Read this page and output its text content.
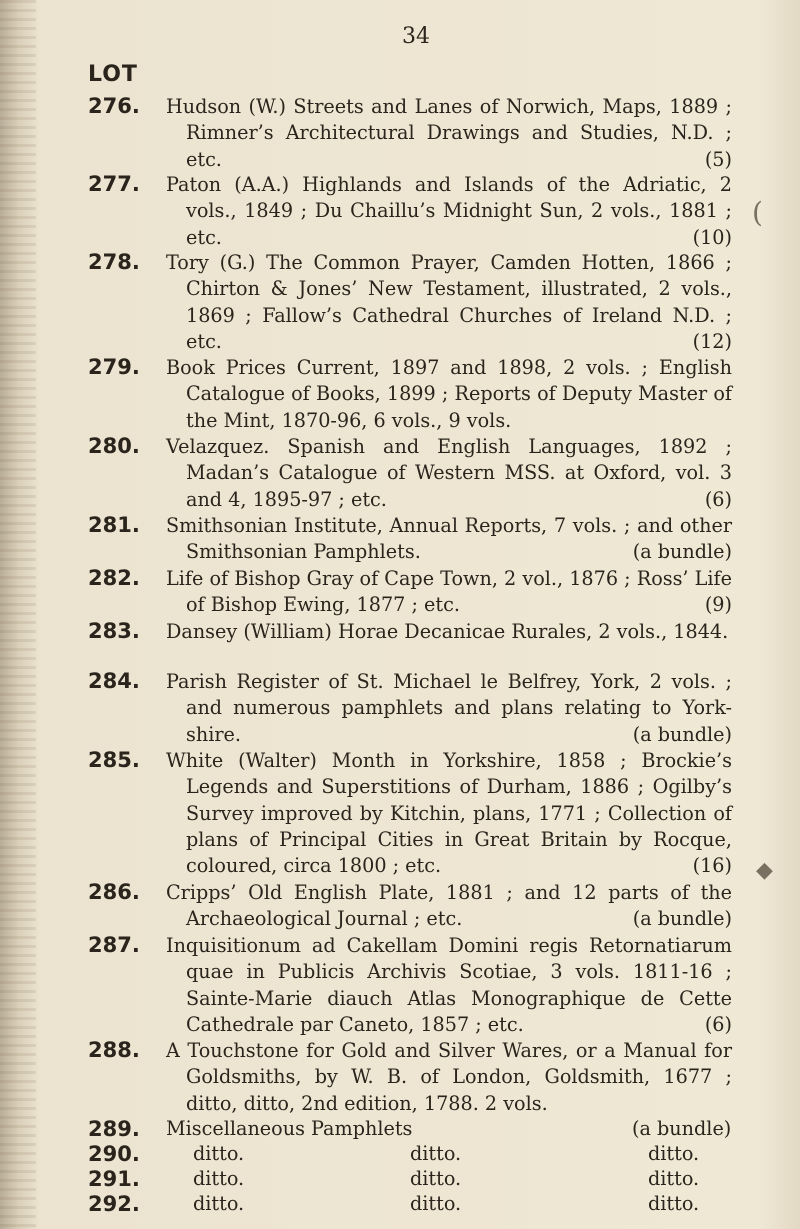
(
◆
34
LOT
276. Hudson (W.) Streets and Lanes of Norwich, Maps, 1889 ; Rimner’s Architectural Drawings and Studies, N.D. ; etc.	(5)
277. Paton (A.A.) Highlands and Islands of the Adriatic, 2 vols., 1849 ; Du Chaillu’s Midnight Sun, 2 vols., 1881 ; etc.	(10)
278. Tory (G.) The Common Prayer, Camden Hotten, 1866 ; Chirton & Jones’ New Testament, illustrated, 2 vols., 1869 ; Fallow’s Cathedral Churches of Ireland N.D. ; etc.	(12)
279. Book Prices Current, 1897 and 1898, 2 vols. ; English Catalogue of Books, 1899 ; Reports of Deputy Master of the Mint, 1870-96, 6 vols., 9 vols.
280. Velazquez. Spanish and English Languages, 1892 ; Madan’s Catalogue of Western MSS. at Oxford, vol. 3 and 4, 1895-97 ; etc.	(6)
281. Smithsonian Institute, Annual Reports, 7 vols. ; and other Smithsonian Pamphlets.	(a bundle)
282. Life of Bishop Gray of Cape Town, 2 vol., 1876 ; Ross’ Life of Bishop Ewing, 1877 ; etc.	(9)
283. Dansey (William) Horae Decanicae Rurales, 2 vols., 1844.
284. Parish Register of St. Michael le Belfrey, York, 2 vols. ; and numerous pamphlets and plans relating to York-shire.	(a bundle)
285. White (Walter) Month in Yorkshire, 1858 ; Brockie’s Legends and Superstitions of Durham, 1886 ; Ogilby’s Survey improved by Kitchin, plans, 1771 ; Collection of plans of Principal Cities in Great Britain by Rocque, coloured, circa 1800 ; etc.	(16)
286. Cripps’ Old English Plate, 1881 ; and 12 parts of the Archaeological Journal ; etc.	(a bundle)
287. Inquisitionum ad Cakellam Domini regis Retornatiarum quae in Publicis Archivis Scotiae, 3 vols. 1811-16 ; Sainte-Marie diauch Atlas Monographique de Cette Cathedrale par Caneto, 1857 ; etc.	(6)
288. A Touchstone for Gold and Silver Wares, or a Manual for Goldsmiths, by W. B. of London, Goldsmith, 1677 ; ditto, ditto, 2nd edition, 1788. 2 vols.
289. Miscellaneous Pamphlets	(a bundle)
290.	ditto.	ditto.	ditto.
291.	ditto.	ditto.	ditto.
292.	ditto.	ditto.	ditto.
